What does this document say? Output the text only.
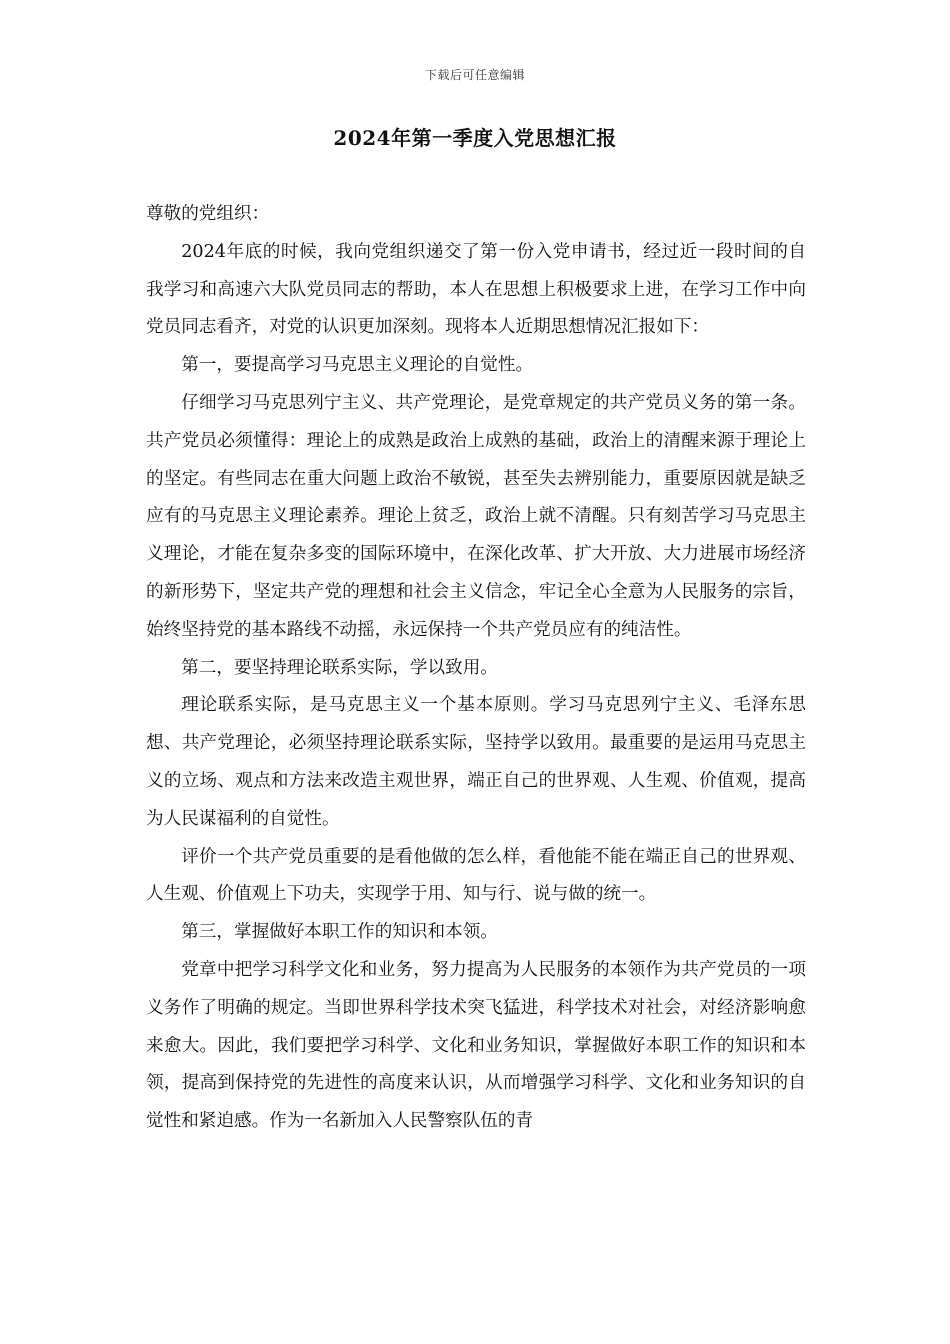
下载后可任意编辑
2024年第一季度入党思想汇报

尊敬的党组织：

2024年底的时候，我向党组织递交了第一份入党申请书，经过近一段时间的自我学习和高速六大队党员同志的帮助，本人在思想上积极要求上进，在学习工作中向党员同志看齐，对党的认识更加深刻。现将本人近期思想情况汇报如下：

第一，要提高学习马克思主义理论的自觉性。

仔细学习马克思列宁主义、共产党理论，是党章规定的共产党员义务的第一条。共产党员必须懂得：理论上的成熟是政治上成熟的基础，政治上的清醒来源于理论上的坚定。有些同志在重大问题上政治不敏锐，甚至失去辨别能力，重要原因就是缺乏应有的马克思主义理论素养。理论上贫乏，政治上就不清醒。只有刻苦学习马克思主义理论，才能在复杂多变的国际环境中，在深化改革、扩大开放、大力进展市场经济的新形势下，坚定共产党的理想和社会主义信念，牢记全心全意为人民服务的宗旨，始终坚持党的基本路线不动摇，永远保持一个共产党员应有的纯洁性。

第二，要坚持理论联系实际，学以致用。

理论联系实际，是马克思主义一个基本原则。学习马克思列宁主义、毛泽东思想、共产党理论，必须坚持理论联系实际，坚持学以致用。最重要的是运用马克思主义的立场、观点和方法来改造主观世界，端正自己的世界观、人生观、价值观，提高为人民谋福利的自觉性。

评价一个共产党员重要的是看他做的怎么样，看他能不能在端正自己的世界观、人生观、价值观上下功夫，实现学于用、知与行、说与做的统一。

第三，掌握做好本职工作的知识和本领。

党章中把学习科学文化和业务，努力提高为人民服务的本领作为共产党员的一项义务作了明确的规定。当即世界科学技术突飞猛进，科学技术对社会，对经济影响愈来愈大。因此，我们要把学习科学、文化和业务知识，掌握做好本职工作的知识和本领，提高到保持党的先进性的高度来认识，从而增强学习科学、文化和业务知识的自觉性和紧迫感。作为一名新加入人民警察队伍的青
